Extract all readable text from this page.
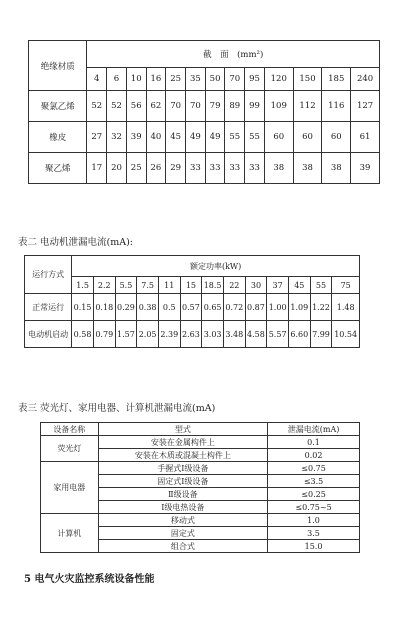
绝缘材质	截　面　(mm²)												
	4	6	10	16	25	35	50	70	95	120	150	185	240
聚氯乙烯	52	52	56	62	70	70	79	89	99	109	112	116	127
橡皮	27	32	39	40	45	49	49	55	55	60	60	60	61
聚乙烯	17	20	25	26	29	33	33	33	33	38	38	38	39
表二 电动机泄漏电流(mA):
运行方式	额定功率(kW)												
	1.5	2.2	5.5	7.5	11	15	18.5	22	30	37	45	55	75
正常运行	0.15	0.18	0.29	0.38	0.5	0.57	0.65	0.72	0.87	1.00	1.09	1.22	1.48
电动机启动	0.58	0.79	1.57	2.05	2.39	2.63	3.03	3.48	4.58	5.57	6.60	7.99	10.54
表三 荧光灯、家用电器、计算机泄漏电流(mA)
设备名称	型式	泄漏电流(mA)
荧光灯	安装在金属构件上	0.1
	安装在木质或混凝土构件上	0.02
家用电器	手握式Ⅰ级设备	≤0.75
	固定式Ⅰ级设备	≤3.5
	Ⅱ级设备	≤0.25
	Ⅰ级电热设备	≤0.75~5
计算机	移动式	1.0
	固定式	3.5
	组合式	15.0
5 电气火灾监控系统设备性能
